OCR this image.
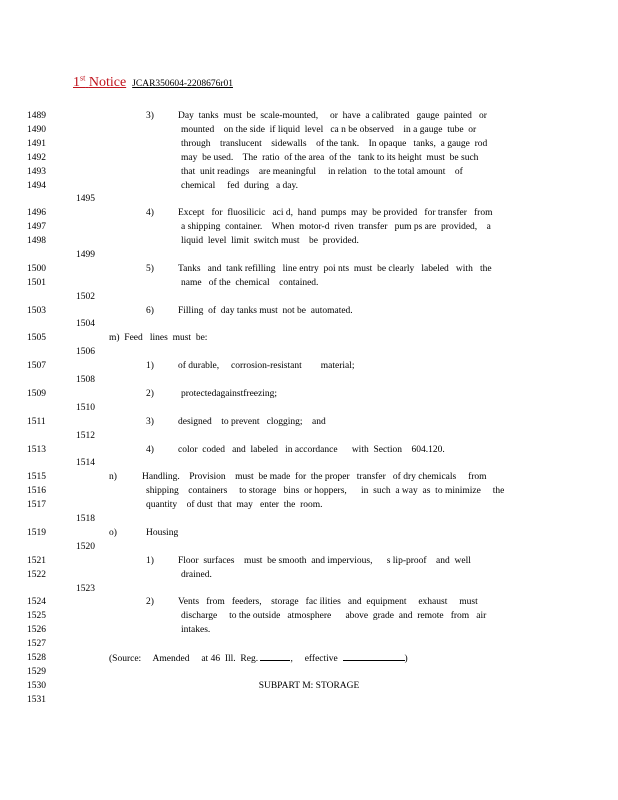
1st Notice JCAR350604-2208676r01
1489
1490
1491
1492
1493
1494
1495
1496
1497
1498
1499
1500
1501
1502
1503
1504
1505
1506
1507
1508
1509
1510
1511
1512
1513
1514
1515
1516
1517
1518
1519
1520
1521
1522
1523
1524
1525
1526
1527
1528
1529
1530
1531
3)	Day  tanks  must  be  scale-mounted,     or  have  a calibrated   gauge  painted   or
mounted    on the side  if liquid  level   ca n be observed    in a gauge  tube  or
through    translucent    sidewalls    of the tank.    In opaque   tanks,  a gauge  rod
may  be used.    The  ratio  of the area  of the   tank to its height  must  be such
that  unit readings    are meaningful     in relation   to the total amount    of
chemical     fed  during   a day.
4)	Except   for  fluosilicic   aci d,  hand  pumps  may  be provided   for transfer   from
a shipping  container.    When  motor-d  riven  transfer   pum ps are  provided,    a
liquid  level  limit  switch must    be  provided.
5)	Tanks   and  tank refilling   line entry  poi nts  must  be clearly   labeled   with   the
name   of the  chemical    contained.
6)	Filling  of  day tanks must  not be  automated.
m)  Feed   lines  must  be:
1)	of durable,     corrosion-resistant        material;
2)	protectedagainstfreezing;
3)	designed    to prevent   clogging;    and
4)	color  coded   and  labeled   in accordance      with  Section    604.120.
n)	Handling.    Provision    must  be made  for  the proper   transfer   of dry chemicals     from
shipping    containers     to storage   bins  or hoppers,      in  such  a way  as  to minimize     the
quantity    of dust  that  may   enter  the  room.
o)	Housing
1)	Floor  surfaces    must  be smooth  and impervious,      s lip-proof    and  well
drained.
2)	Vents   from   feeders,    storage   fac ilities   and  equipment     exhaust     must
discharge     to the outside   atmosphere      above  grade  and  remote   from   air
intakes.
(Source:     Amended     at 46  Ill.  Reg.	,     effective	)
SUBPART M: STORAGE
